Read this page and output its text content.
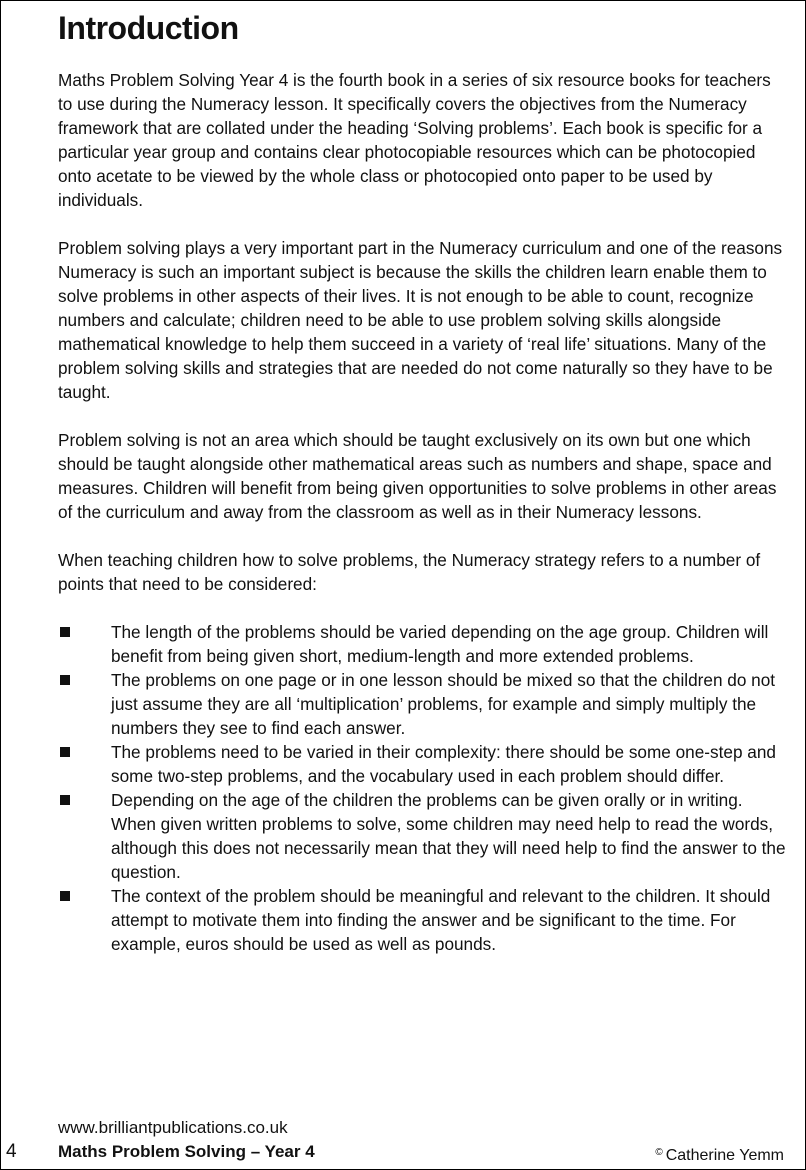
Introduction

Maths Problem Solving Year 4 is the fourth book in a series of six resource books for teachers to use during the Numeracy lesson. It specifically covers the objectives from the Numeracy framework that are collated under the heading ‘Solving problems’. Each book is specific for a particular year group and contains clear photocopiable resources which can be photocopied onto acetate to be viewed by the whole class or photocopied onto paper to be used by individuals.

Problem solving plays a very important part in the Numeracy curriculum and one of the reasons Numeracy is such an important subject is because the skills the children learn enable them to solve problems in other aspects of their lives. It is not enough to be able to count, recognize numbers and calculate; children need to be able to use problem solving skills alongside mathematical knowledge to help them succeed in a variety of ‘real life’ situations. Many of the problem solving skills and strategies that are needed do not come naturally so they have to be taught.

Problem solving is not an area which should be taught exclusively on its own but one which should be taught alongside other mathematical areas such as numbers and shape, space and measures. Children will benefit from being given opportunities to solve problems in other areas of the curriculum and away from the classroom as well as in their Numeracy lessons.

When teaching children how to solve problems, the Numeracy strategy refers to a number of points that need to be considered:

The length of the problems should be varied depending on the age group. Children will benefit from being given short, medium-length and more extended problems.
The problems on one page or in one lesson should be mixed so that the children do not just assume they are all ‘multiplication’ problems, for example and simply multiply the numbers they see to find each answer.
The problems need to be varied in their complexity: there should be some one-step and some two-step problems, and the vocabulary used in each problem should differ.
Depending on the age of the children the problems can be given orally or in writing. When given written problems to solve, some children may need help to read the words, although this does not necessarily mean that they will need help to find the answer to the question.
The context of the problem should be meaningful and relevant to the children. It should attempt to motivate them into finding the answer and be significant to the time. For example, euros should be used as well as pounds.
www.brilliantpublications.co.uk
4 Maths Problem Solving – Year 4	© Catherine Yemm
